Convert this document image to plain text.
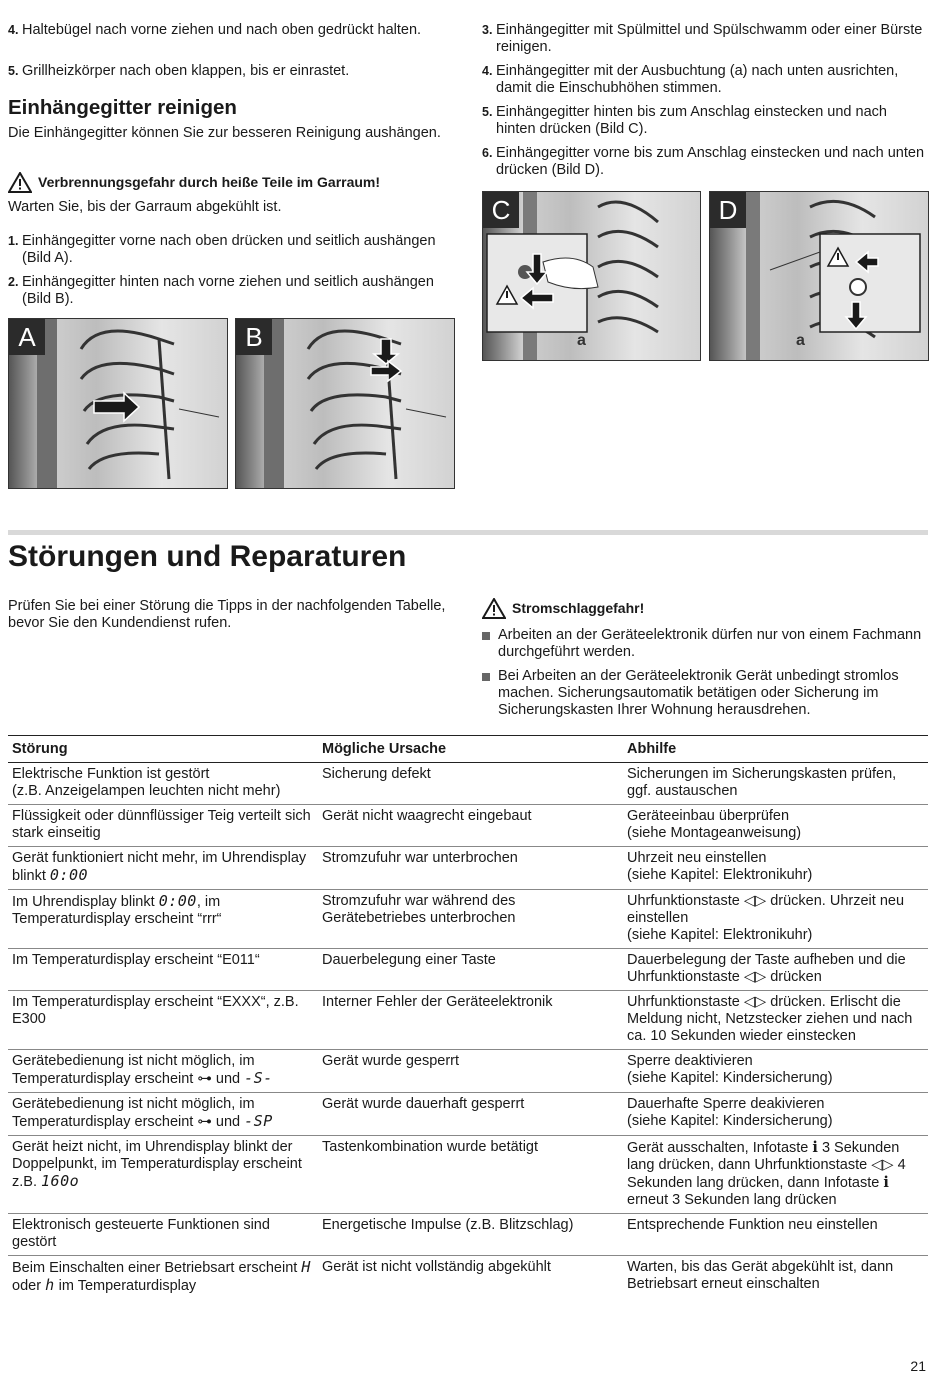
4. Haltebügel nach vorne ziehen und nach oben gedrückt halten.
5. Grillheizkörper nach oben klappen, bis er einrastet.
Einhängegitter reinigen
Die Einhängegitter können Sie zur besseren Reinigung aushängen.
Verbrennungsgefahr durch heiße Teile im Garraum!
Warten Sie, bis der Garraum abgekühlt ist.
1. Einhängegitter vorne nach oben drücken und seitlich aushängen (Bild A).
2. Einhängegitter hinten nach vorne ziehen und seitlich aushängen (Bild B).
A	B
3. Einhängegitter mit Spülmittel und Spülschwamm oder einer Bürste reinigen.
4. Einhängegitter mit der Ausbuchtung (a) nach unten ausrichten, damit die Einschubhöhen stimmen.
5. Einhängegitter hinten bis zum Anschlag einstecken und nach hinten drücken (Bild C).
6. Einhängegitter vorne bis zum Anschlag einstecken und nach unten drücken (Bild D).
C
a
D
a
Störungen und Reparaturen
Prüfen Sie bei einer Störung die Tipps in der nachfolgenden Tabelle, bevor Sie den Kundendienst rufen.
Stromschlaggefahr!
Arbeiten an der Geräteelektronik dürfen nur von einem Fachmann durchgeführt werden.
Bei Arbeiten an der Geräteelektronik Gerät unbedingt stromlos machen. Sicherungsautomatik betätigen oder Sicherung im Sicherungskasten Ihrer Wohnung herausdrehen.
Störung	Mögliche Ursache	Abhilfe
Elektrische Funktion ist gestört
(z.B. Anzeigelampen leuchten nicht mehr)	Sicherung defekt	Sicherungen im Sicherungskasten prüfen, ggf. austauschen
Flüssigkeit oder dünnflüssiger Teig verteilt sich stark einseitig	Gerät nicht waagrecht eingebaut	Geräteeinbau überprüfen
(siehe Montageanweisung)
Gerät funktioniert nicht mehr, im Uhrendisplay blinkt 0:00	Stromzufuhr war unterbrochen	Uhrzeit neu einstellen
(siehe Kapitel: Elektronikuhr)
Im Uhrendisplay blinkt 0:00, im Temperaturdisplay erscheint “rrr“	Stromzufuhr war während des Gerätebetriebes unterbrochen	Uhrfunktionstaste ◁▷ drücken. Uhrzeit neu einstellen
(siehe Kapitel: Elektronikuhr)
Im Temperaturdisplay erscheint “E011“	Dauerbelegung einer Taste	Dauerbelegung der Taste aufheben und die Uhrfunktionstaste ◁▷ drücken
Im Temperaturdisplay erscheint “EXXX“, z.B. E300	Interner Fehler der Geräteelektronik	Uhrfunktionstaste ◁▷ drücken. Erlischt die Meldung nicht, Netzstecker ziehen und nach ca. 10 Sekunden wieder einstecken
Gerätebedienung ist nicht möglich, im Temperaturdisplay erscheint ⊶ und -S-	Gerät wurde gesperrt	Sperre deaktivieren
(siehe Kapitel: Kindersicherung)
Gerätebedienung ist nicht möglich, im Temperaturdisplay erscheint ⊶ und -SP	Gerät wurde dauerhaft gesperrt	Dauerhafte Sperre deakivieren
(siehe Kapitel: Kindersicherung)
Gerät heizt nicht, im Uhrendisplay blinkt der Doppelpunkt, im Temperaturdisplay erscheint z.B. 160o	Tastenkombination wurde betätigt	Gerät ausschalten, Infotaste i 3 Sekunden lang drücken, dann Uhrfunktionstaste ◁▷ 4 Sekunden lang drücken, dann Infotaste i erneut 3 Sekunden lang drücken
Elektronisch gesteuerte Funktionen sind gestört	Energetische Impulse (z.B. Blitzschlag)	Entsprechende Funktion neu einstellen
Beim Einschalten einer Betriebsart erscheint H oder h im Temperaturdisplay	Gerät ist nicht vollständig abgekühlt	Warten, bis das Gerät abgekühlt ist, dann Betriebsart erneut einschalten
21
